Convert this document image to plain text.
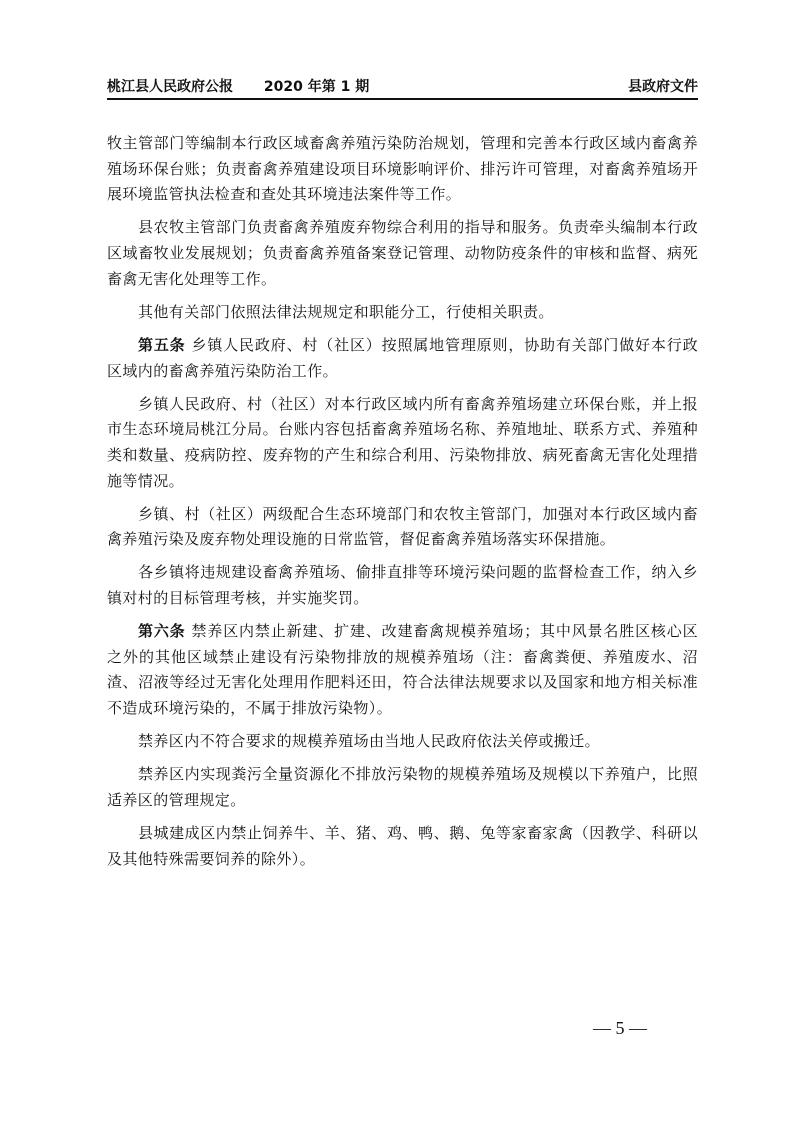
桃江县人民政府公报 2020 年第 1 期	县政府文件

牧主管部门等编制本行政区域畜禽养殖污染防治规划，管理和完善本行政区域内畜禽养殖场环保台账；负责畜禽养殖建设项目环境影响评价、排污许可管理，对畜禽养殖场开展环境监管执法检查和查处其环境违法案件等工作。

县农牧主管部门负责畜禽养殖废弃物综合利用的指导和服务。负责牵头编制本行政区域畜牧业发展规划；负责畜禽养殖备案登记管理、动物防疫条件的审核和监督、病死畜禽无害化处理等工作。

其他有关部门依照法律法规规定和职能分工，行使相关职责。

第五条 乡镇人民政府、村（社区）按照属地管理原则，协助有关部门做好本行政区域内的畜禽养殖污染防治工作。

乡镇人民政府、村（社区）对本行政区域内所有畜禽养殖场建立环保台账，并上报市生态环境局桃江分局。台账内容包括畜禽养殖场名称、养殖地址、联系方式、养殖种类和数量、疫病防控、废弃物的产生和综合利用、污染物排放、病死畜禽无害化处理措施等情况。

乡镇、村（社区）两级配合生态环境部门和农牧主管部门，加强对本行政区域内畜禽养殖污染及废弃物处理设施的日常监管，督促畜禽养殖场落实环保措施。

各乡镇将违规建设畜禽养殖场、偷排直排等环境污染问题的监督检查工作，纳入乡镇对村的目标管理考核，并实施奖罚。

第六条 禁养区内禁止新建、扩建、改建畜禽规模养殖场；其中风景名胜区核心区之外的其他区域禁止建设有污染物排放的规模养殖场（注：畜禽粪便、养殖废水、沼渣、沼液等经过无害化处理用作肥料还田，符合法律法规要求以及国家和地方相关标准不造成环境污染的，不属于排放污染物）。

禁养区内不符合要求的规模养殖场由当地人民政府依法关停或搬迁。

禁养区内实现粪污全量资源化不排放污染物的规模养殖场及规模以下养殖户，比照适养区的管理规定。

县城建成区内禁止饲养牛、羊、猪、鸡、鸭、鹅、兔等家畜家禽（因教学、科研以及其他特殊需要饲养的除外）。

— 5 —
